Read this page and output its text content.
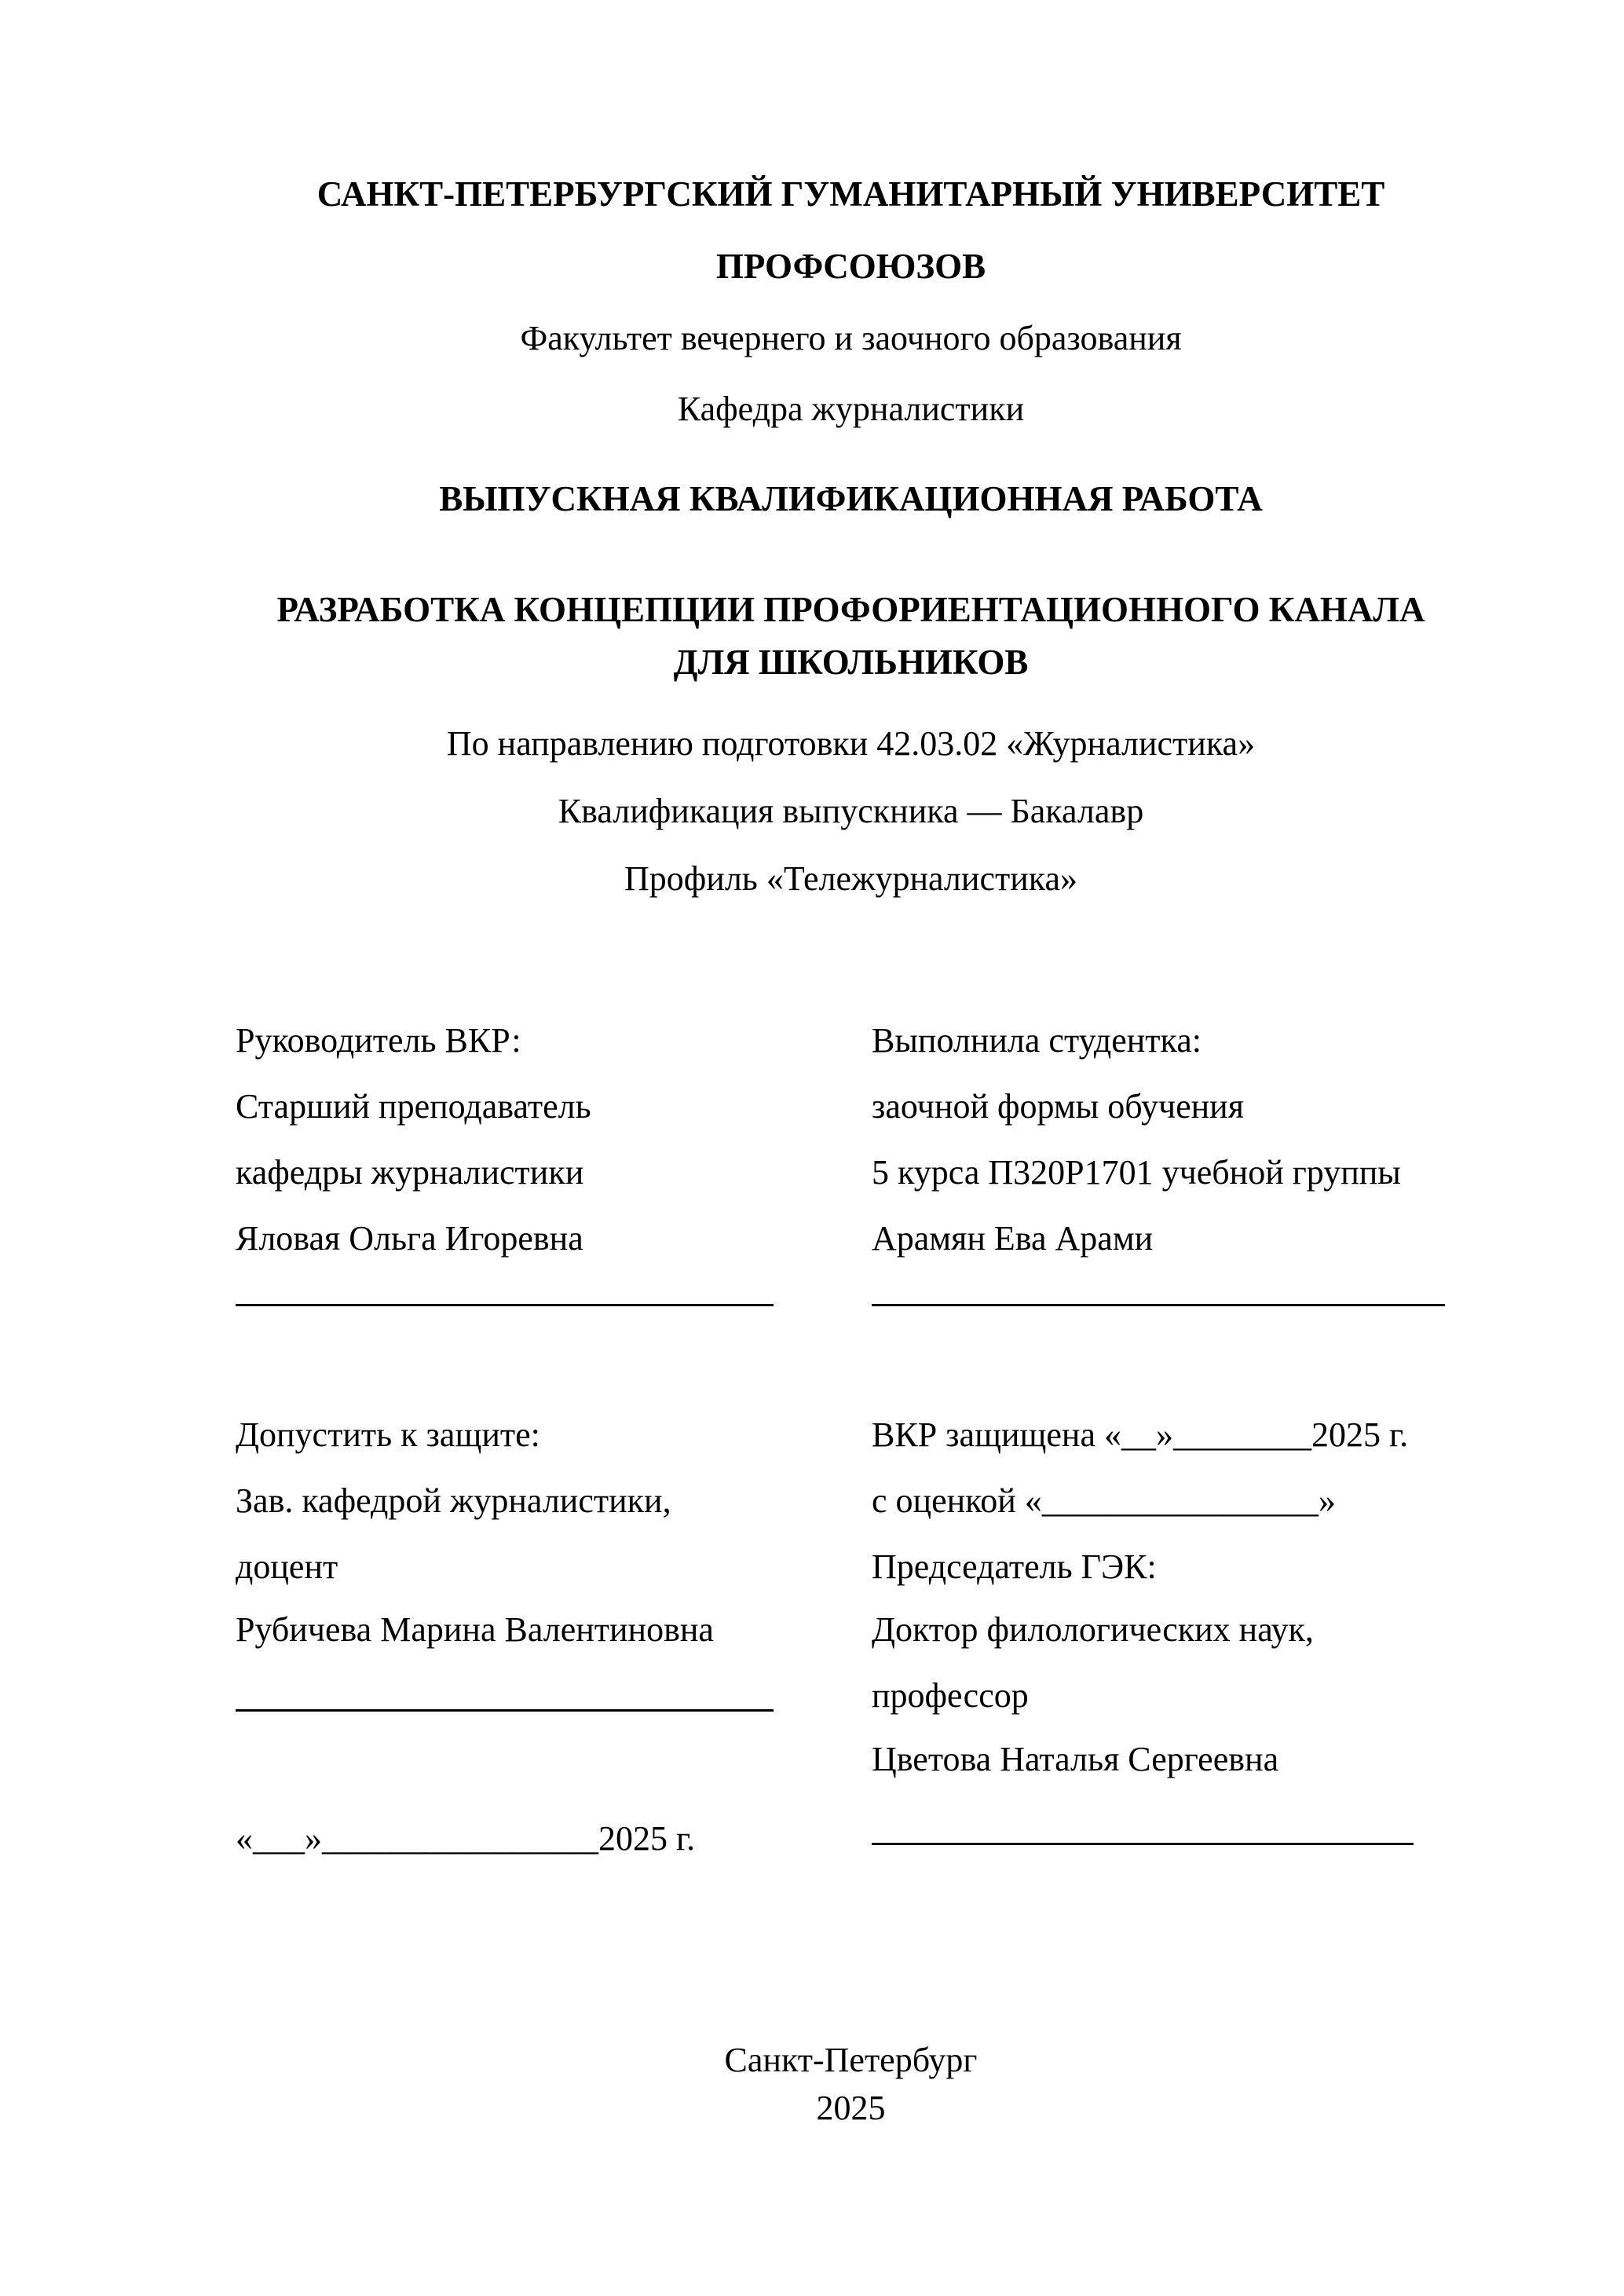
САНКТ-ПЕТЕРБУРГСКИЙ ГУМАНИТАРНЫЙ УНИВЕРСИТЕТ
ПРОФСОЮЗОВ
Факультет вечернего и заочного образования
Кафедра журналистики
ВЫПУСКНАЯ КВАЛИФИКАЦИОННАЯ РАБОТА
РАЗРАБОТКА КОНЦЕПЦИИ ПРОФОРИЕНТАЦИОННОГО КАНАЛА
ДЛЯ ШКОЛЬНИКОВ
По направлению подготовки 42.03.02 «Журналистика»
Квалификация выпускника — Бакалавр
Профиль «Тележурналистика»
Руководитель ВКР:
Старший преподаватель
кафедры журналистики
Яловая Ольга Игоревна
Выполнила студентка:
заочной формы обучения
5 курса П320Р1701 учебной группы
Арамян Ева Арами
Допустить к защите:
Зав. кафедрой журналистики,
доцент
Рубичева Марина Валентиновна
«___»________________2025 г.
ВКР защищена «__»________2025 г.
с оценкой «________________»
Председатель ГЭК:
Доктор филологических наук,
профессор
Цветова Наталья Сергеевна
Санкт-Петербург
2025
